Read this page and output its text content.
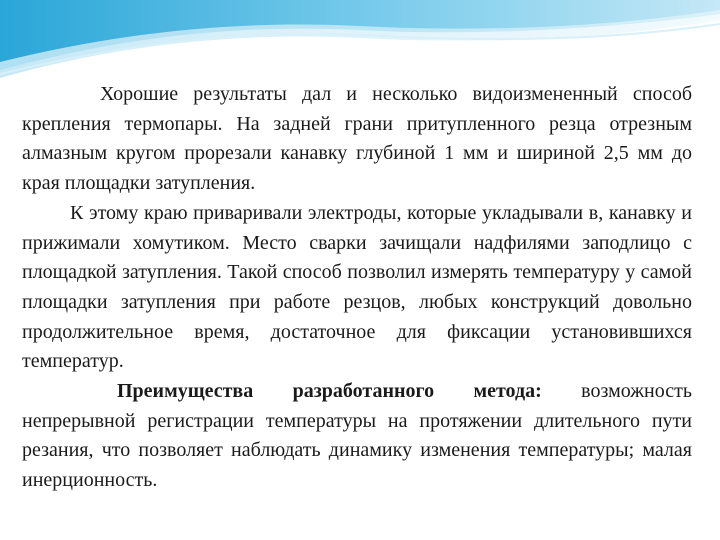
Хорошие результаты дал и несколько видоизмененный способ крепления термопары. На задней грани притупленного резца отрезным алмазным кругом прорезали канавку глубиной 1 мм и шириной 2,5 мм до края площадки затупления.

К этому краю приваривали электроды, которые укладывали в, канавку и прижимали хомутиком. Место сварки зачищали надфилями заподлицо с площадкой затупления. Такой способ позволил измерять температуру у самой площадки затупления при работе резцов, любых конструкций довольно продолжительное время, достаточное для фиксации установившихся температур.

Преимущества разработанного метода: возможность непрерывной регистрации температуры на протяжении длительного пути резания, что позволяет наблюдать динамику изменения температуры; малая инерционность.
